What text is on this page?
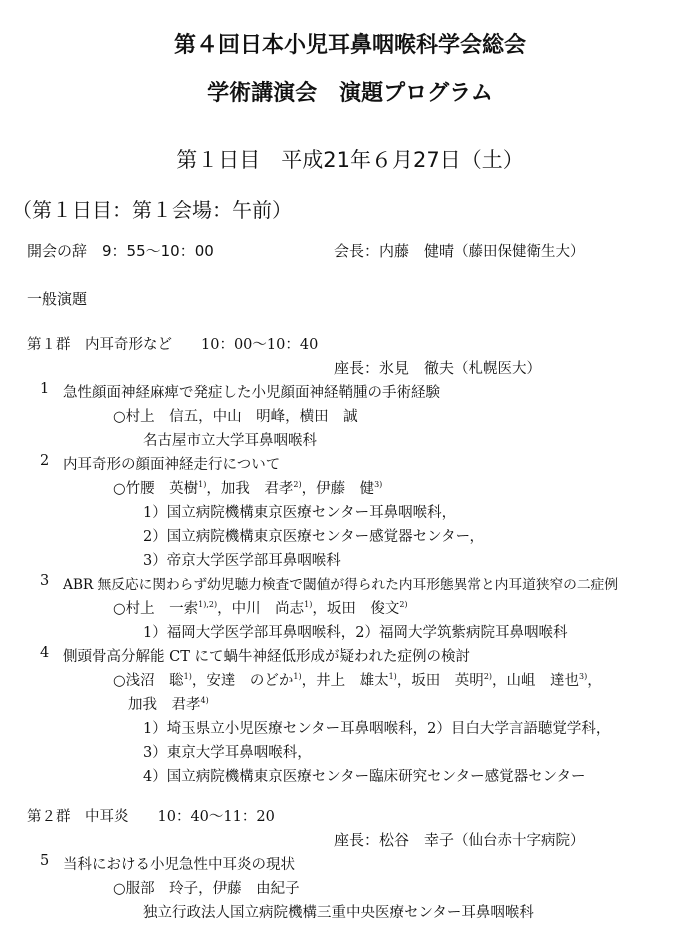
第４回日本小児耳鼻咽喉科学会総会
学術講演会　演題プログラム
第１日目　平成21年６月27日（土）
（第１日目：第１会場：午前）
開会の辞　9：55～10：00	会長：内藤　健晴（藤田保健衛生大）
一般演題
第１群　内耳奇形など　　10：00～10：40
座長：氷見　徹夫（札幌医大）
1 急性顔面神経麻痺で発症した小児顔面神経鞘腫の手術経験
○村上　信五，中山　明峰，横田　誠
名古屋市立大学耳鼻咽喉科
2 内耳奇形の顔面神経走行について
○竹腰　英樹$^{1)}$，加我　君孝$^{2)}$，伊藤　健$^{3)}$
1）国立病院機構東京医療センター耳鼻咽喉科，
2）国立病院機構東京医療センター感覚器センター，
3）帝京大学医学部耳鼻咽喉科
3 ABR 無反応に関わらず幼児聴力検査で閾値が得られた内耳形態異常と内耳道狭窄の二症例
○村上　一索$^{1),2)}$，中川　尚志$^{1)}$，坂田　俊文$^{2)}$
1）福岡大学医学部耳鼻咽喉科，2）福岡大学筑紫病院耳鼻咽喉科
4 側頭骨高分解能 CT にて蝸牛神経低形成が疑われた症例の検討
○浅沼　聡$^{1)}$，安達　のどか$^{1)}$，井上　雄太$^{1)}$，坂田　英明$^{2)}$，山岨　達也$^{3)}$，
加我　君孝$^{4)}$
1）埼玉県立小児医療センター耳鼻咽喉科，2）目白大学言語聴覚学科，
3）東京大学耳鼻咽喉科，
4）国立病院機構東京医療センター臨床研究センター感覚器センター
第２群　中耳炎　　10：40～11：20
座長：松谷　幸子（仙台赤十字病院）
5 当科における小児急性中耳炎の現状
○服部　玲子，伊藤　由紀子
独立行政法人国立病院機構三重中央医療センター耳鼻咽喉科
